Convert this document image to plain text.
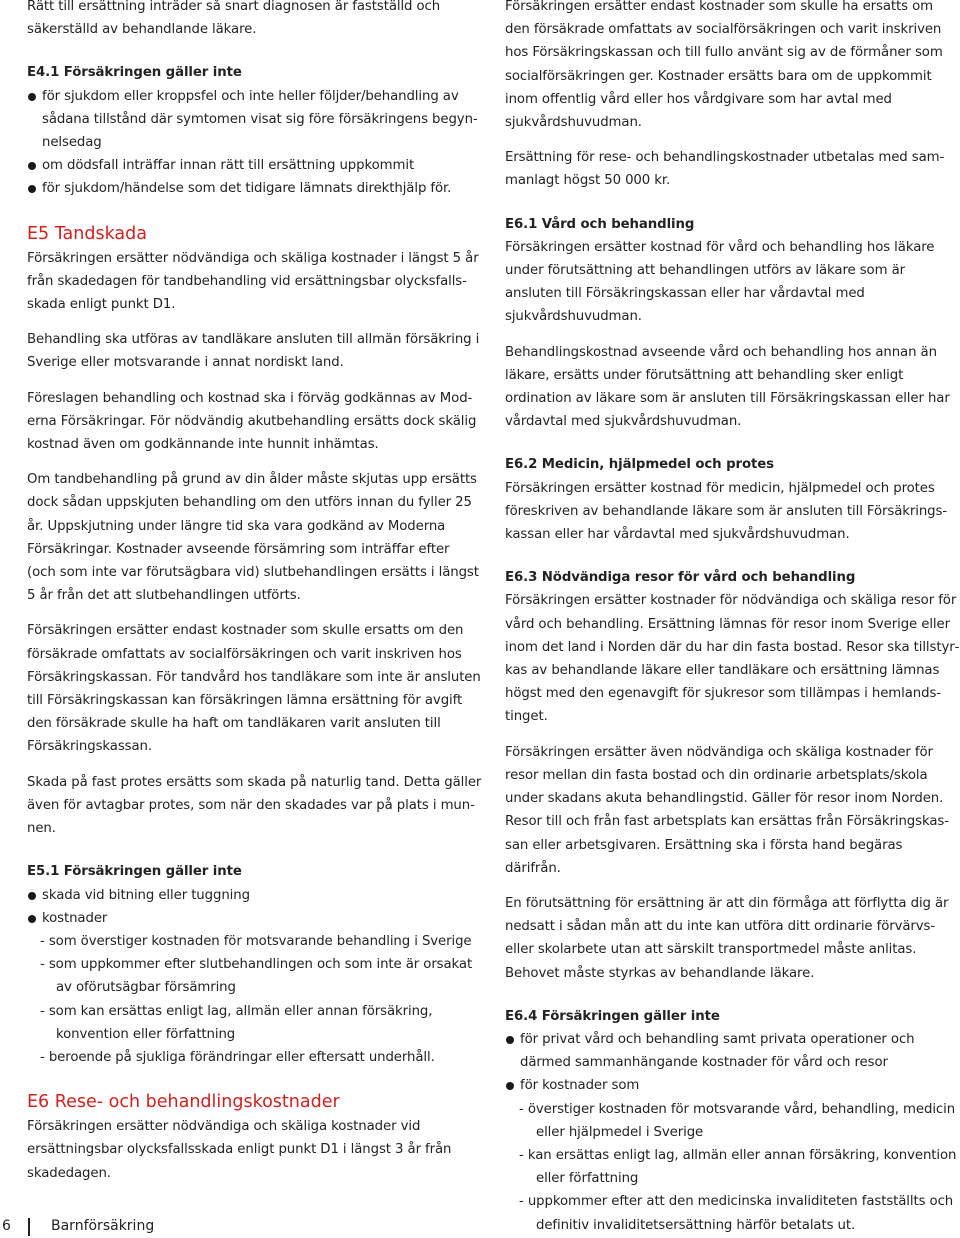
Rätt till ersättning inträder så snart diagnosen är fastställd och säkerställd av behandlande läkare.

E4.1 Försäkringen gäller inte

för sjukdom eller kroppsfel och inte heller följder/behandling av sådana tillstånd där symtomen visat sig före försäkringens begynnelsedag
om dödsfall inträffar innan rätt till ersättning uppkommit
för sjukdom/händelse som det tidigare lämnats direkthjälp för.
E5 Tandskada

Försäkringen ersätter nödvändiga och skäliga kostnader i längst 5 år från skadedagen för tandbehandling vid ersättningsbar olycksfallsskada enligt punkt D1.

Behandling ska utföras av tandläkare ansluten till allmän försäkring i Sverige eller motsvarande i annat nordiskt land.

Föreslagen behandling och kostnad ska i förväg godkännas av Moderna Försäkringar. För nödvändig akutbehandling ersätts dock skälig kostnad även om godkännande inte hunnit inhämtas.

Om tandbehandling på grund av din ålder måste skjutas upp ersätts dock sådan uppskjuten behandling om den utförs innan du fyller 25 år. Uppskjutning under längre tid ska vara godkänd av Moderna Försäkringar. Kostnader avseende försämring som inträffar efter (och som inte var förutsägbara vid) slutbehandlingen ersätts i längst 5 år från det att slutbehandlingen utförts.

Försäkringen ersätter endast kostnader som skulle ersatts om den försäkrade omfattats av socialförsäkringen och varit inskriven hos Försäkringskassan. För tandvård hos tandläkare som inte är ansluten till Försäkringskassan kan försäkringen lämna ersättning för avgift den försäkrade skulle ha haft om tandläkaren varit ansluten till Försäkringskassan.

Skada på fast protes ersätts som skada på naturlig tand. Detta gäller även för avtagbar protes, som när den skadades var på plats i munnen.

E5.1 Försäkringen gäller inte

skada vid bitning eller tuggning
kostnader
- som överstiger kostnaden för motsvarande behandling i Sverige
- som uppkommer efter slutbehandlingen och som inte är orsakat av oförutsägbar försämring
- som kan ersättas enligt lag, allmän eller annan försäkring, konvention eller författning
- beroende på sjukliga förändringar eller eftersatt underhåll.
E6 Rese- och behandlingskostnader

Försäkringen ersätter nödvändiga och skäliga kostnader vid ersättningsbar olycksfallsskada enligt punkt D1 i längst 3 år från skadedagen.

Försäkringen ersätter endast kostnader som skulle ha ersatts om den försäkrade omfattats av socialförsäkringen och varit inskriven hos Försäkringskassan och till fullo använt sig av de förmåner som socialförsäkringen ger. Kostnader ersätts bara om de uppkommit inom offentlig vård eller hos vårdgivare som har avtal med sjukvårdshuvudman.

Ersättning för rese- och behandlingskostnader utbetalas med sammanlagt högst 50 000 kr.

E6.1 Vård och behandling

Försäkringen ersätter kostnad för vård och behandling hos läkare under förutsättning att behandlingen utförs av läkare som är ansluten till Försäkringskassan eller har vårdavtal med sjukvårdshuvudman.

Behandlingskostnad avseende vård och behandling hos annan än läkare, ersätts under förutsättning att behandling sker enligt ordination av läkare som är ansluten till Försäkringskassan eller har vårdavtal med sjukvårdshuvudman.

E6.2 Medicin, hjälpmedel och protes

Försäkringen ersätter kostnad för medicin, hjälpmedel och protes föreskriven av behandlande läkare som är ansluten till Försäkringskassan eller har vårdavtal med sjukvårdshuvudman.

E6.3 Nödvändiga resor för vård och behandling

Försäkringen ersätter kostnader för nödvändiga och skäliga resor för vård och behandling. Ersättning lämnas för resor inom Sverige eller inom det land i Norden där du har din fasta bostad. Resor ska tillstyrkas av behandlande läkare eller tandläkare och ersättning lämnas högst med den egenavgift för sjukresor som tillämpas i hemlandstinget.

Försäkringen ersätter även nödvändiga och skäliga kostnader för resor mellan din fasta bostad och din ordinarie arbetsplats/skola under skadans akuta behandlingstid. Gäller för resor inom Norden. Resor till och från fast arbetsplats kan ersättas från Försäkringskassan eller arbetsgivaren. Ersättning ska i första hand begäras därifrån.

En förutsättning för ersättning är att din förmåga att förflytta dig är nedsatt i sådan mån att du inte kan utföra ditt ordinarie förvärvs- eller skolarbete utan att särskilt transportmedel måste anlitas. Behovet måste styrkas av behandlande läkare.

E6.4 Försäkringen gäller inte

för privat vård och behandling samt privata operationer och därmed sammanhängande kostnader för vård och resor
för kostnader som
- överstiger kostnaden för motsvarande vård, behandling, medicin eller hjälpmedel i Sverige
- kan ersättas enligt lag, allmän eller annan försäkring, konvention eller författning
- uppkommer efter att den medicinska invaliditeten fastställts och definitiv invaliditetsersättning härför betalats ut.
6	Barnförsäkring
